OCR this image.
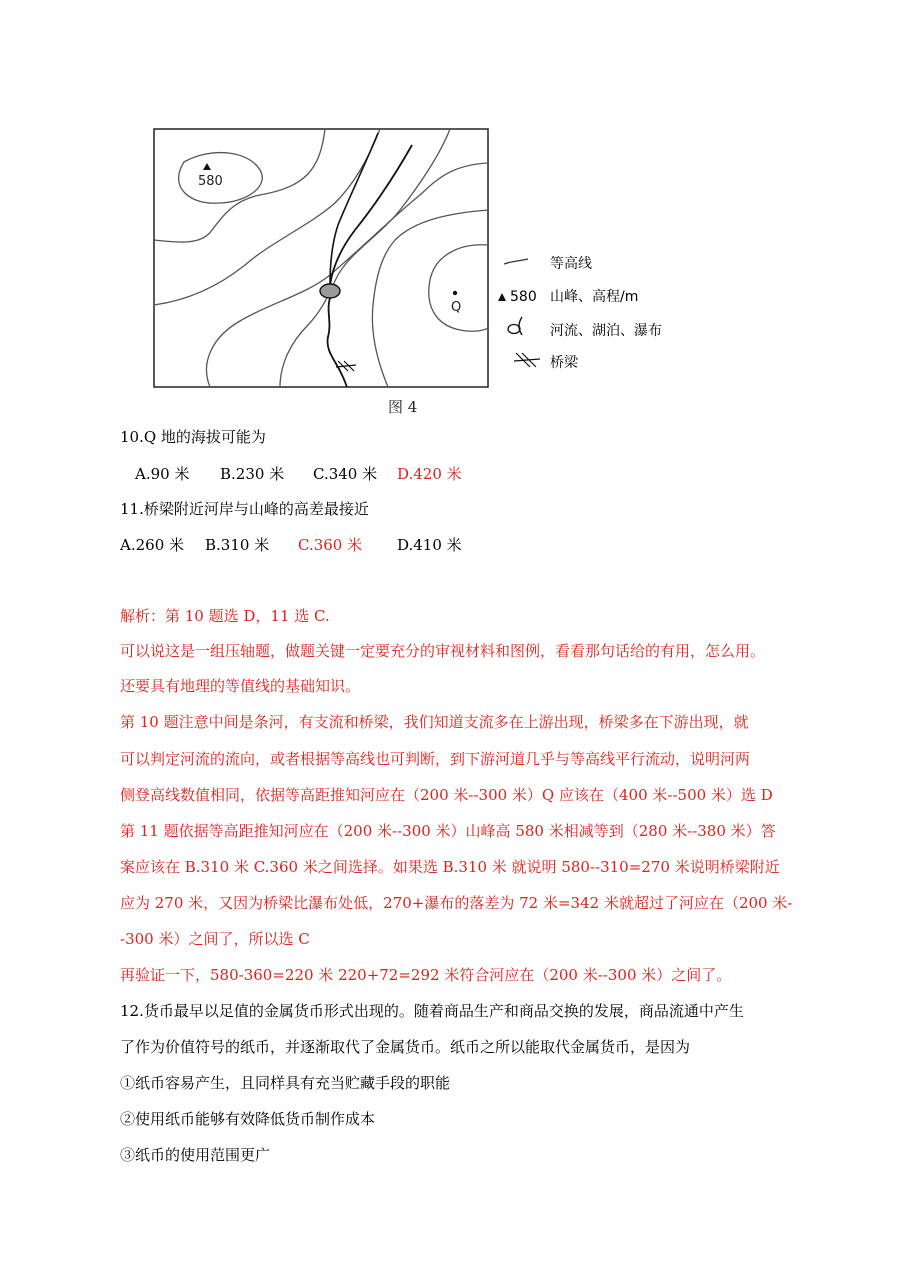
580
Q
等高线
580 山峰、高程/m
河流、湖泊、瀑布
桥梁
图 4
10.Q 地的海拔可能为
A.90 米 B.230 米 C.340 米 D.420 米
11.桥梁附近河岸与山峰的高差最接近
A.260 米 B.310 米 C.360 米 D.410 米
解析：第 10 题选 D，11 选 C.
可以说这是一组压轴题，做题关键一定要充分的审视材料和图例，看看那句话给的有用，怎么用。
还要具有地理的等值线的基础知识。
第 10 题注意中间是条河，有支流和桥梁，我们知道支流多在上游出现，桥梁多在下游出现，就
可以判定河流的流向，或者根据等高线也可判断，到下游河道几乎与等高线平行流动，说明河两
侧登高线数值相同，依据等高距推知河应在（200 米--300 米）Q 应该在（400 米--500 米）选 D
第 11 题依据等高距推知河应在（200 米--300 米）山峰高 580 米相减等到（280 米--380 米）答
案应该在 B.310 米 C.360 米之间选择。如果选 B.310 米 就说明 580--310=270 米说明桥梁附近
应为 270 米，又因为桥梁比瀑布处低，270+瀑布的落差为 72 米=342 米就超过了河应在（200 米-
-300 米）之间了，所以选 C
再验证一下，580-360=220 米 220+72=292 米符合河应在（200 米--300 米）之间了。
12.货币最早以足值的金属货币形式出现的。随着商品生产和商品交换的发展，商品流通中产生
了作为价值符号的纸币，并逐渐取代了金属货币。纸币之所以能取代金属货币，是因为
①纸币容易产生，且同样具有充当贮藏手段的职能
②使用纸币能够有效降低货币制作成本
③纸币的使用范围更广
